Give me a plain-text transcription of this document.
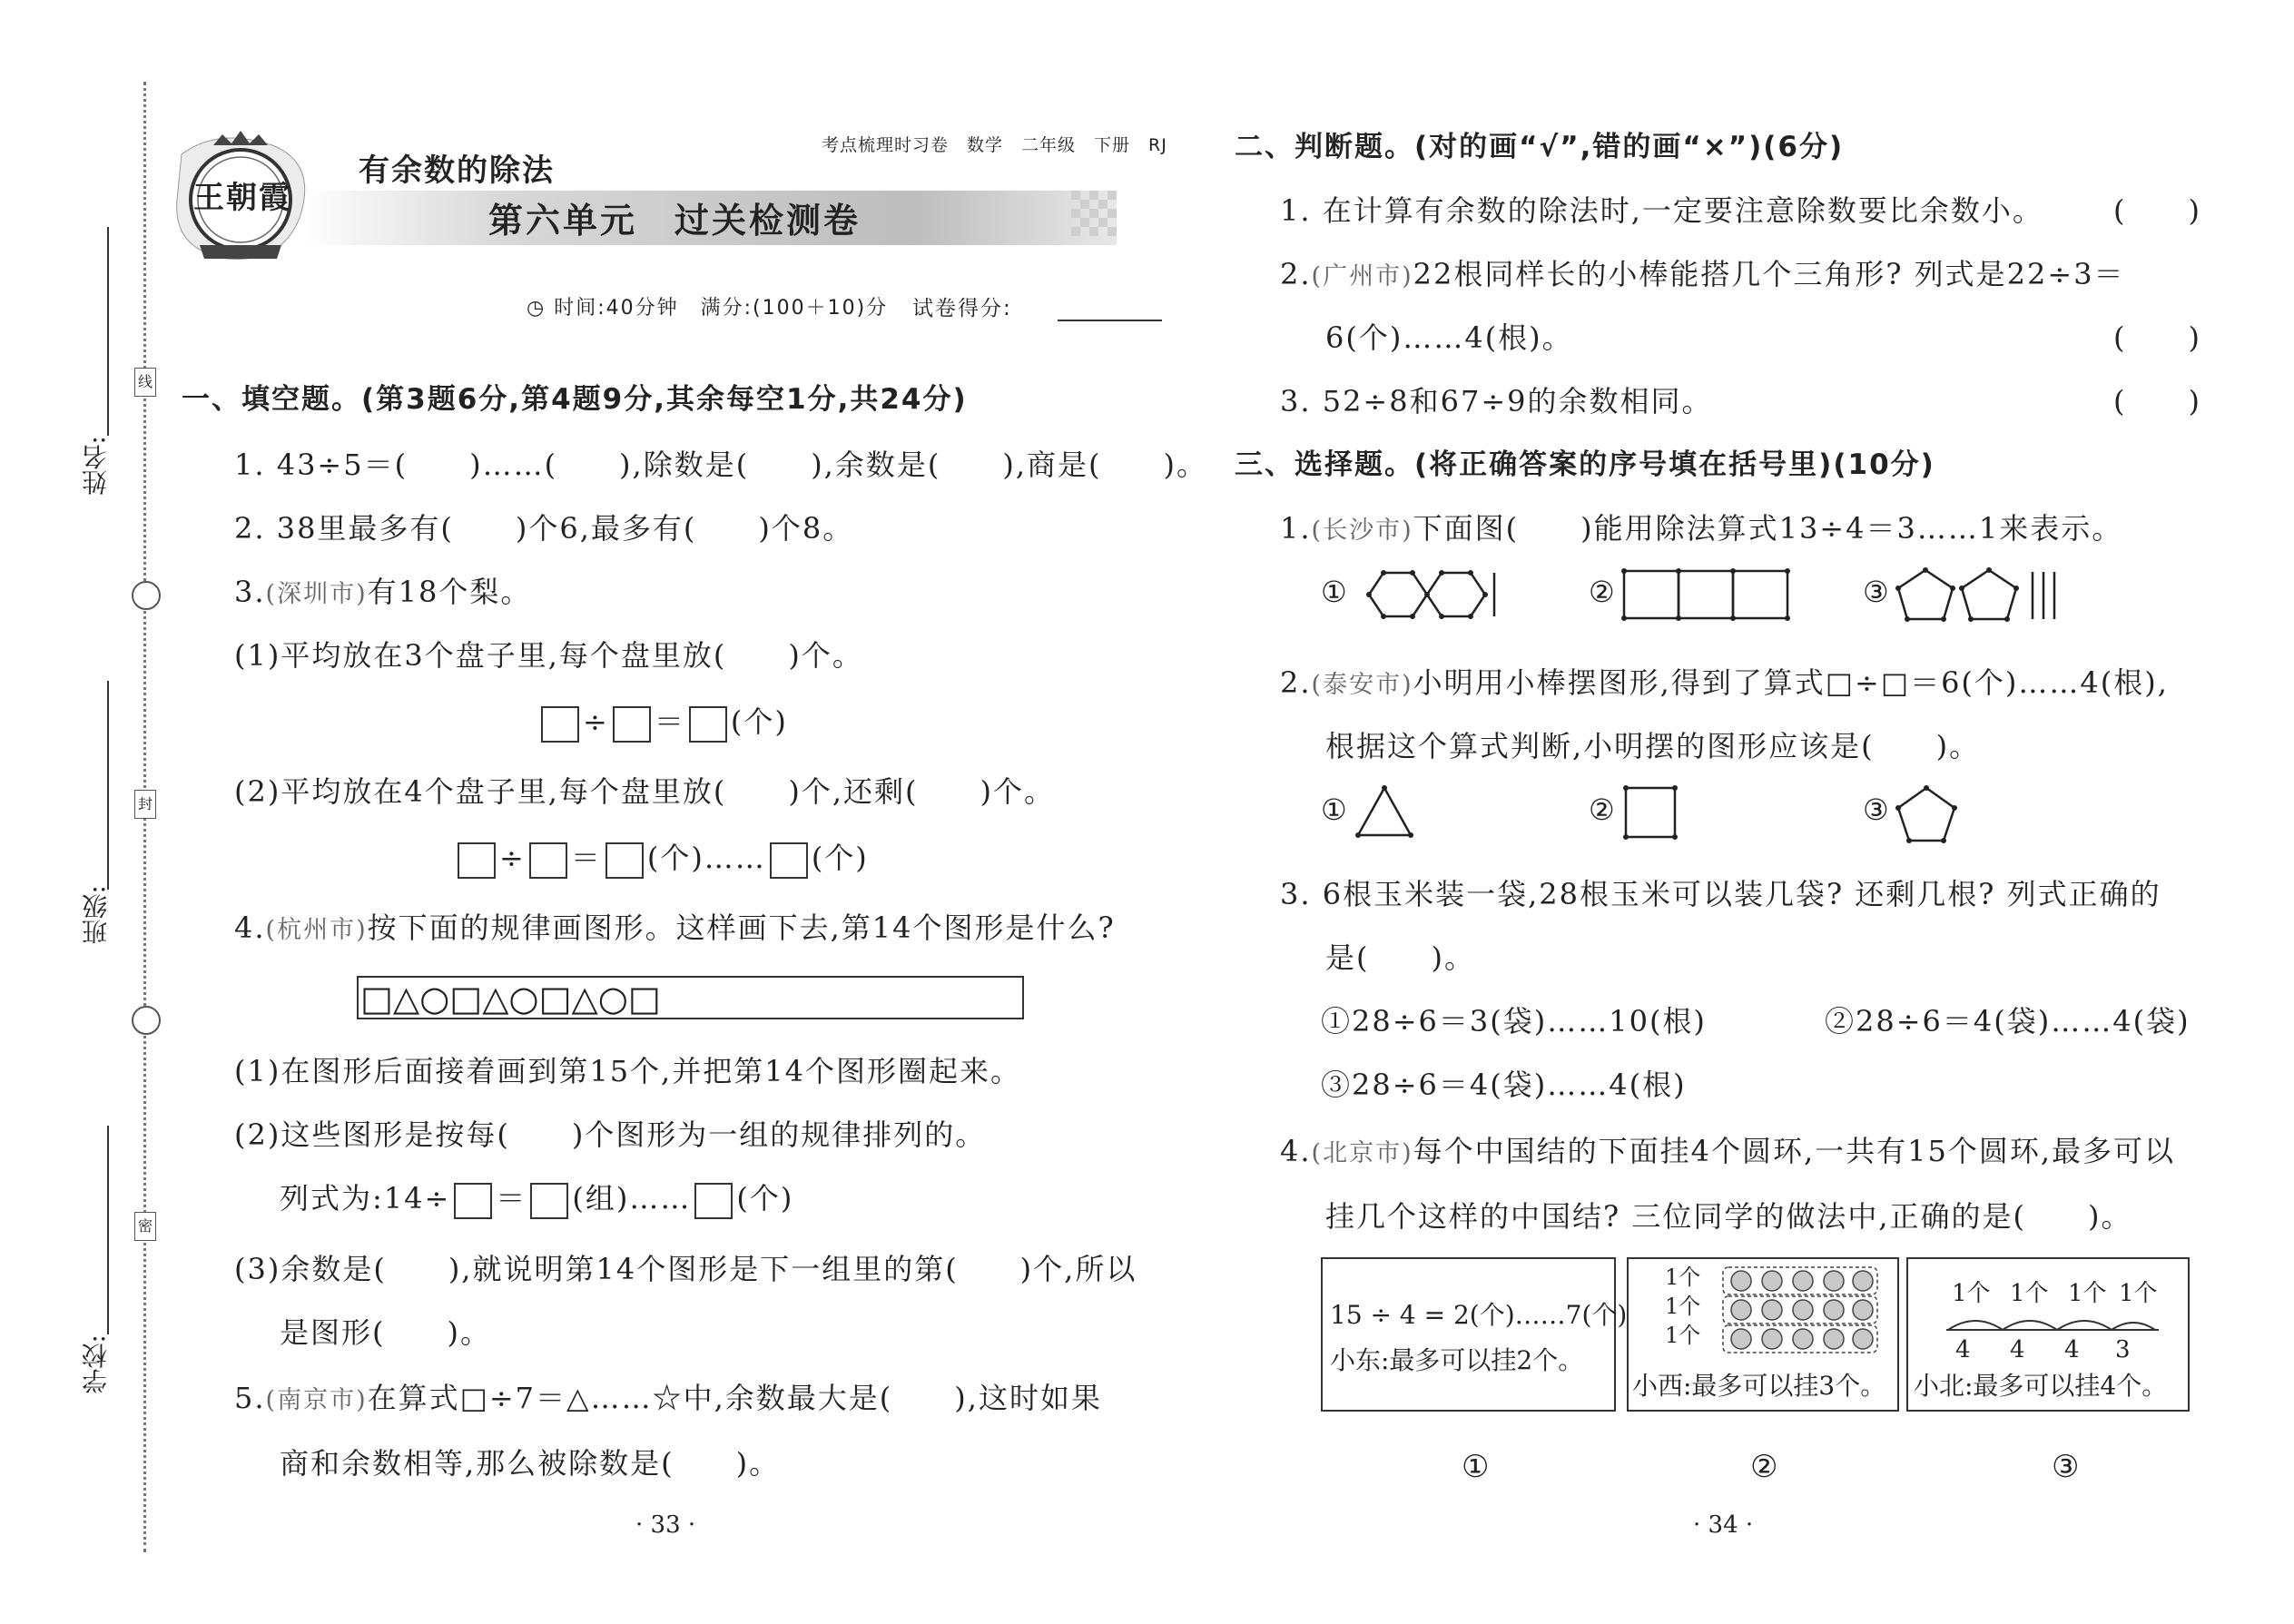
姓名:
班级:
学校:
线
封
密
王朝霞
有余数的除法
考点梳理时习卷　数学　二年级　下册　RJ
第六单元　过关检测卷
◷ 时间:40分钟　满分:(100＋10)分 试卷得分:
一、填空题。(第3题6分,第4题9分,其余每空1分,共24分)
1. 43÷5＝(　　)……(　　),除数是(　　),余数是(　　),商是(　　)。
2. 38里最多有(　　)个6,最多有(　　)个8。
3.(深圳市)有18个梨。
(1)平均放在3个盘子里,每个盘里放(　　)个。
÷ ＝ (个)
(2)平均放在4个盘子里,每个盘里放(　　)个,还剩(　　)个。
÷ ＝ (个)…… (个)
4.(杭州市)按下面的规律画图形。这样画下去,第14个图形是什么?
□△○□△○□△○□
(1)在图形后面接着画到第15个,并把第14个图形圈起来。
(2)这些图形是按每(　　)个图形为一组的规律排列的。
列式为:14÷ ＝ (组)…… (个)
(3)余数是(　　),就说明第14个图形是下一组里的第(　　)个,所以
是图形(　　)。
5.(南京市)在算式□÷7＝△……☆中,余数最大是(　　),这时如果
商和余数相等,那么被除数是(　　)。
· 33 ·
二、判断题。(对的画“√”,错的画“×”)(6分)
1. 在计算有余数的除法时,一定要注意除数要比余数小。 (　　)
2.(广州市)22根同样长的小棒能搭几个三角形? 列式是22÷3＝
6(个)……4(根)。	(　　)
3. 52÷8和67÷9的余数相同。	(　　)
三、选择题。(将正确答案的序号填在括号里)(10分)
1.(长沙市)下面图(　　)能用除法算式13÷4＝3……1来表示。
①	②	③
2.(泰安市)小明用小棒摆图形,得到了算式□÷□＝6(个)……4(根),
根据这个算式判断,小明摆的图形应该是(　　)。
①	②	③
3. 6根玉米装一袋,28根玉米可以装几袋? 还剩几根? 列式正确的
是(　　)。
①28÷6＝3(袋)……10(根)	②28÷6＝4(袋)……4(袋)
③28÷6＝4(袋)……4(根)
4.(北京市)每个中国结的下面挂4个圆环,一共有15个圆环,最多可以
挂几个这样的中国结? 三位同学的做法中,正确的是(　　)。
15 ÷ 4 = 2(个)……7(个)
小东:最多可以挂2个。
1个
1个
1个
小西:最多可以挂3个。
1个 1个 1个 1个
4 4 4 3
小北:最多可以挂4个。
①	②	③
· 34 ·
